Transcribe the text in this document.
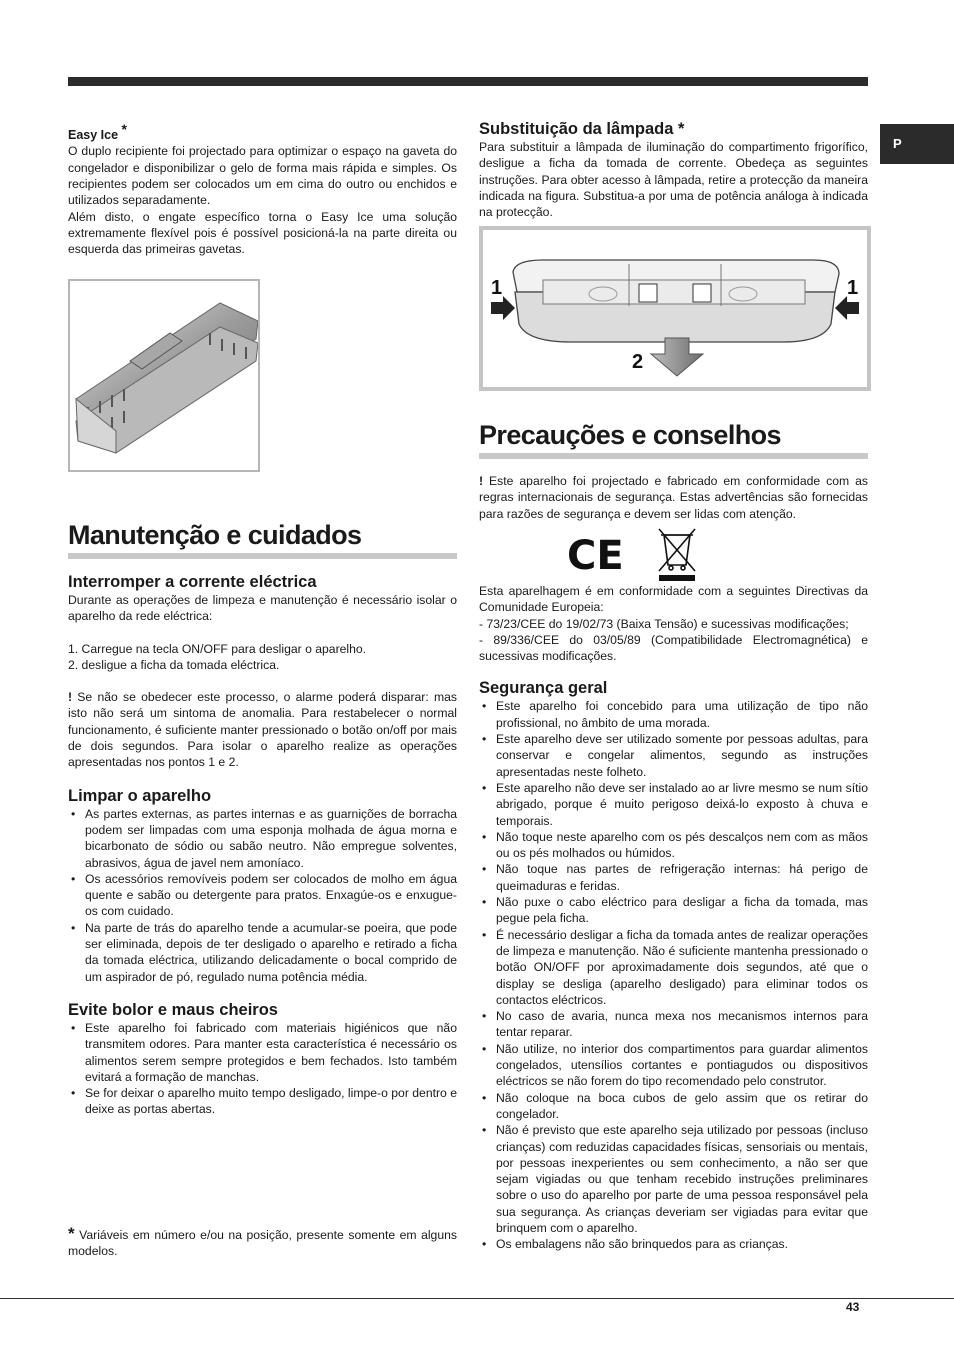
P
43
Easy Ice *

O duplo recipiente foi projectado para optimizar o espaço na gaveta do congelador e disponibilizar o gelo de forma mais rápida e simples. Os recipientes podem ser colocados um em cima do outro ou enchidos e utilizados separadamente.

Além disto, o engate específico torna o Easy Ice uma solução extremamente flexível pois é possível posicioná-la na parte direita ou esquerda das primeiras gavetas.

Manutenção e cuidados
Interromper a corrente eléctrica

Durante as operações de limpeza e manutenção é necessário isolar o aparelho da rede eléctrica:

1. Carregue na tecla ON/OFF para desligar o aparelho.

2. desligue a ficha da tomada eléctrica.

! Se não se obedecer este processo, o alarme poderá disparar: mas isto não será um sintoma de anomalia. Para restabelecer o normal funcionamento, é suficiente manter pressionado o botão on/off por mais de dois segundos. Para isolar o aparelho realize as operações apresentadas nos pontos 1 e 2.

Limpar o aparelho
• As partes externas, as partes internas e as guarnições de borracha podem ser limpadas com uma esponja molhada de água morna e bicarbonato de sódio ou sabão neutro. Não empregue solventes, abrasivos, água de javel nem amoníaco.
• Os acessórios removíveis podem ser colocados de molho em água quente e sabão ou detergente para pratos. Enxagúe-os e enxugue-os com cuidado.
• Na parte de trás do aparelho tende a acumular-se poeira, que pode ser eliminada, depois de ter desligado o aparelho e retirado a ficha da tomada eléctrica, utilizando delicadamente o bocal comprido de um aspirador de pó, regulado numa potência média.
Evite bolor e maus cheiros
• Este aparelho foi fabricado com materiais higiénicos que não transmitem odores. Para manter esta característica é necessário os alimentos serem sempre protegidos e bem fechados. Isto também evitará a formação de manchas.
• Se for deixar o aparelho muito tempo desligado, limpe-o por dentro e deixe as portas abertas.

* Variáveis em número e/ou na posição, presente somente em alguns modelos.

Substituição da lâmpada *

Para substituir a lâmpada de iluminação do compartimento frigorífico, desligue a ficha da tomada de corrente. Obedeça as seguintes instruções. Para obter acesso à lâmpada, retire a protecção da maneira indicada na figura. Substitua-a por uma de potência análoga à indicada na protecção.

1	1
2
Precauções e conselhos

! Este aparelho foi projectado e fabricado em conformidade com as regras internacionais de segurança. Estas advertências são fornecidas para razões de segurança e devem ser lidas com atenção.

CE

Esta aparelhagem é em conformidade com a seguintes Directivas da Comunidade Europeia:

- 73/23/CEE do 19/02/73 (Baixa Tensão) e sucessivas modificações;

- 89/336/CEE do 03/05/89 (Compatibilidade Electromagnética) e sucessivas modificações.

Segurança geral
• Este aparelho foi concebido para uma utilização de tipo não profissional, no âmbito de uma morada.
• Este aparelho deve ser utilizado somente por pessoas adultas, para conservar e congelar alimentos, segundo as instruções apresentadas neste folheto.
• Este aparelho não deve ser instalado ao ar livre mesmo se num sítio abrigado, porque é muito perigoso deixá-lo exposto à chuva e temporais.
• Não toque neste aparelho com os pés descalços nem com as mãos ou os pés molhados ou húmidos.
• Não toque nas partes de refrigeração internas: há perigo de queimaduras e feridas.
• Não puxe o cabo eléctrico para desligar a ficha da tomada, mas pegue pela ficha.
• É necessário desligar a ficha da tomada antes de realizar operações de limpeza e manutenção. Não é suficiente mantenha pressionado o botão ON/OFF por aproximadamente dois segundos, até que o display se desliga (aparelho desligado) para eliminar todos os contactos eléctricos.
• No caso de avaria, nunca mexa nos mecanismos internos para tentar reparar.
• Não utilize, no interior dos compartimentos para guardar alimentos congelados, utensílios cortantes e pontiagudos ou dispositivos eléctricos se não forem do tipo recomendado pelo construtor.
• Não coloque na boca cubos de gelo assim que os retirar do congelador.
• Não é previsto que este aparelho seja utilizado por pessoas (incluso crianças) com reduzidas capacidades físicas, sensoriais ou mentais, por pessoas inexperientes ou sem conhecimento, a não ser que sejam vigiadas ou que tenham recebido instruções preliminares sobre o uso do aparelho por parte de uma pessoa responsável pela sua segurança. As crianças deveriam ser vigiadas para evitar que brinquem com o aparelho.
• Os embalagens não são brinquedos para as crianças.
